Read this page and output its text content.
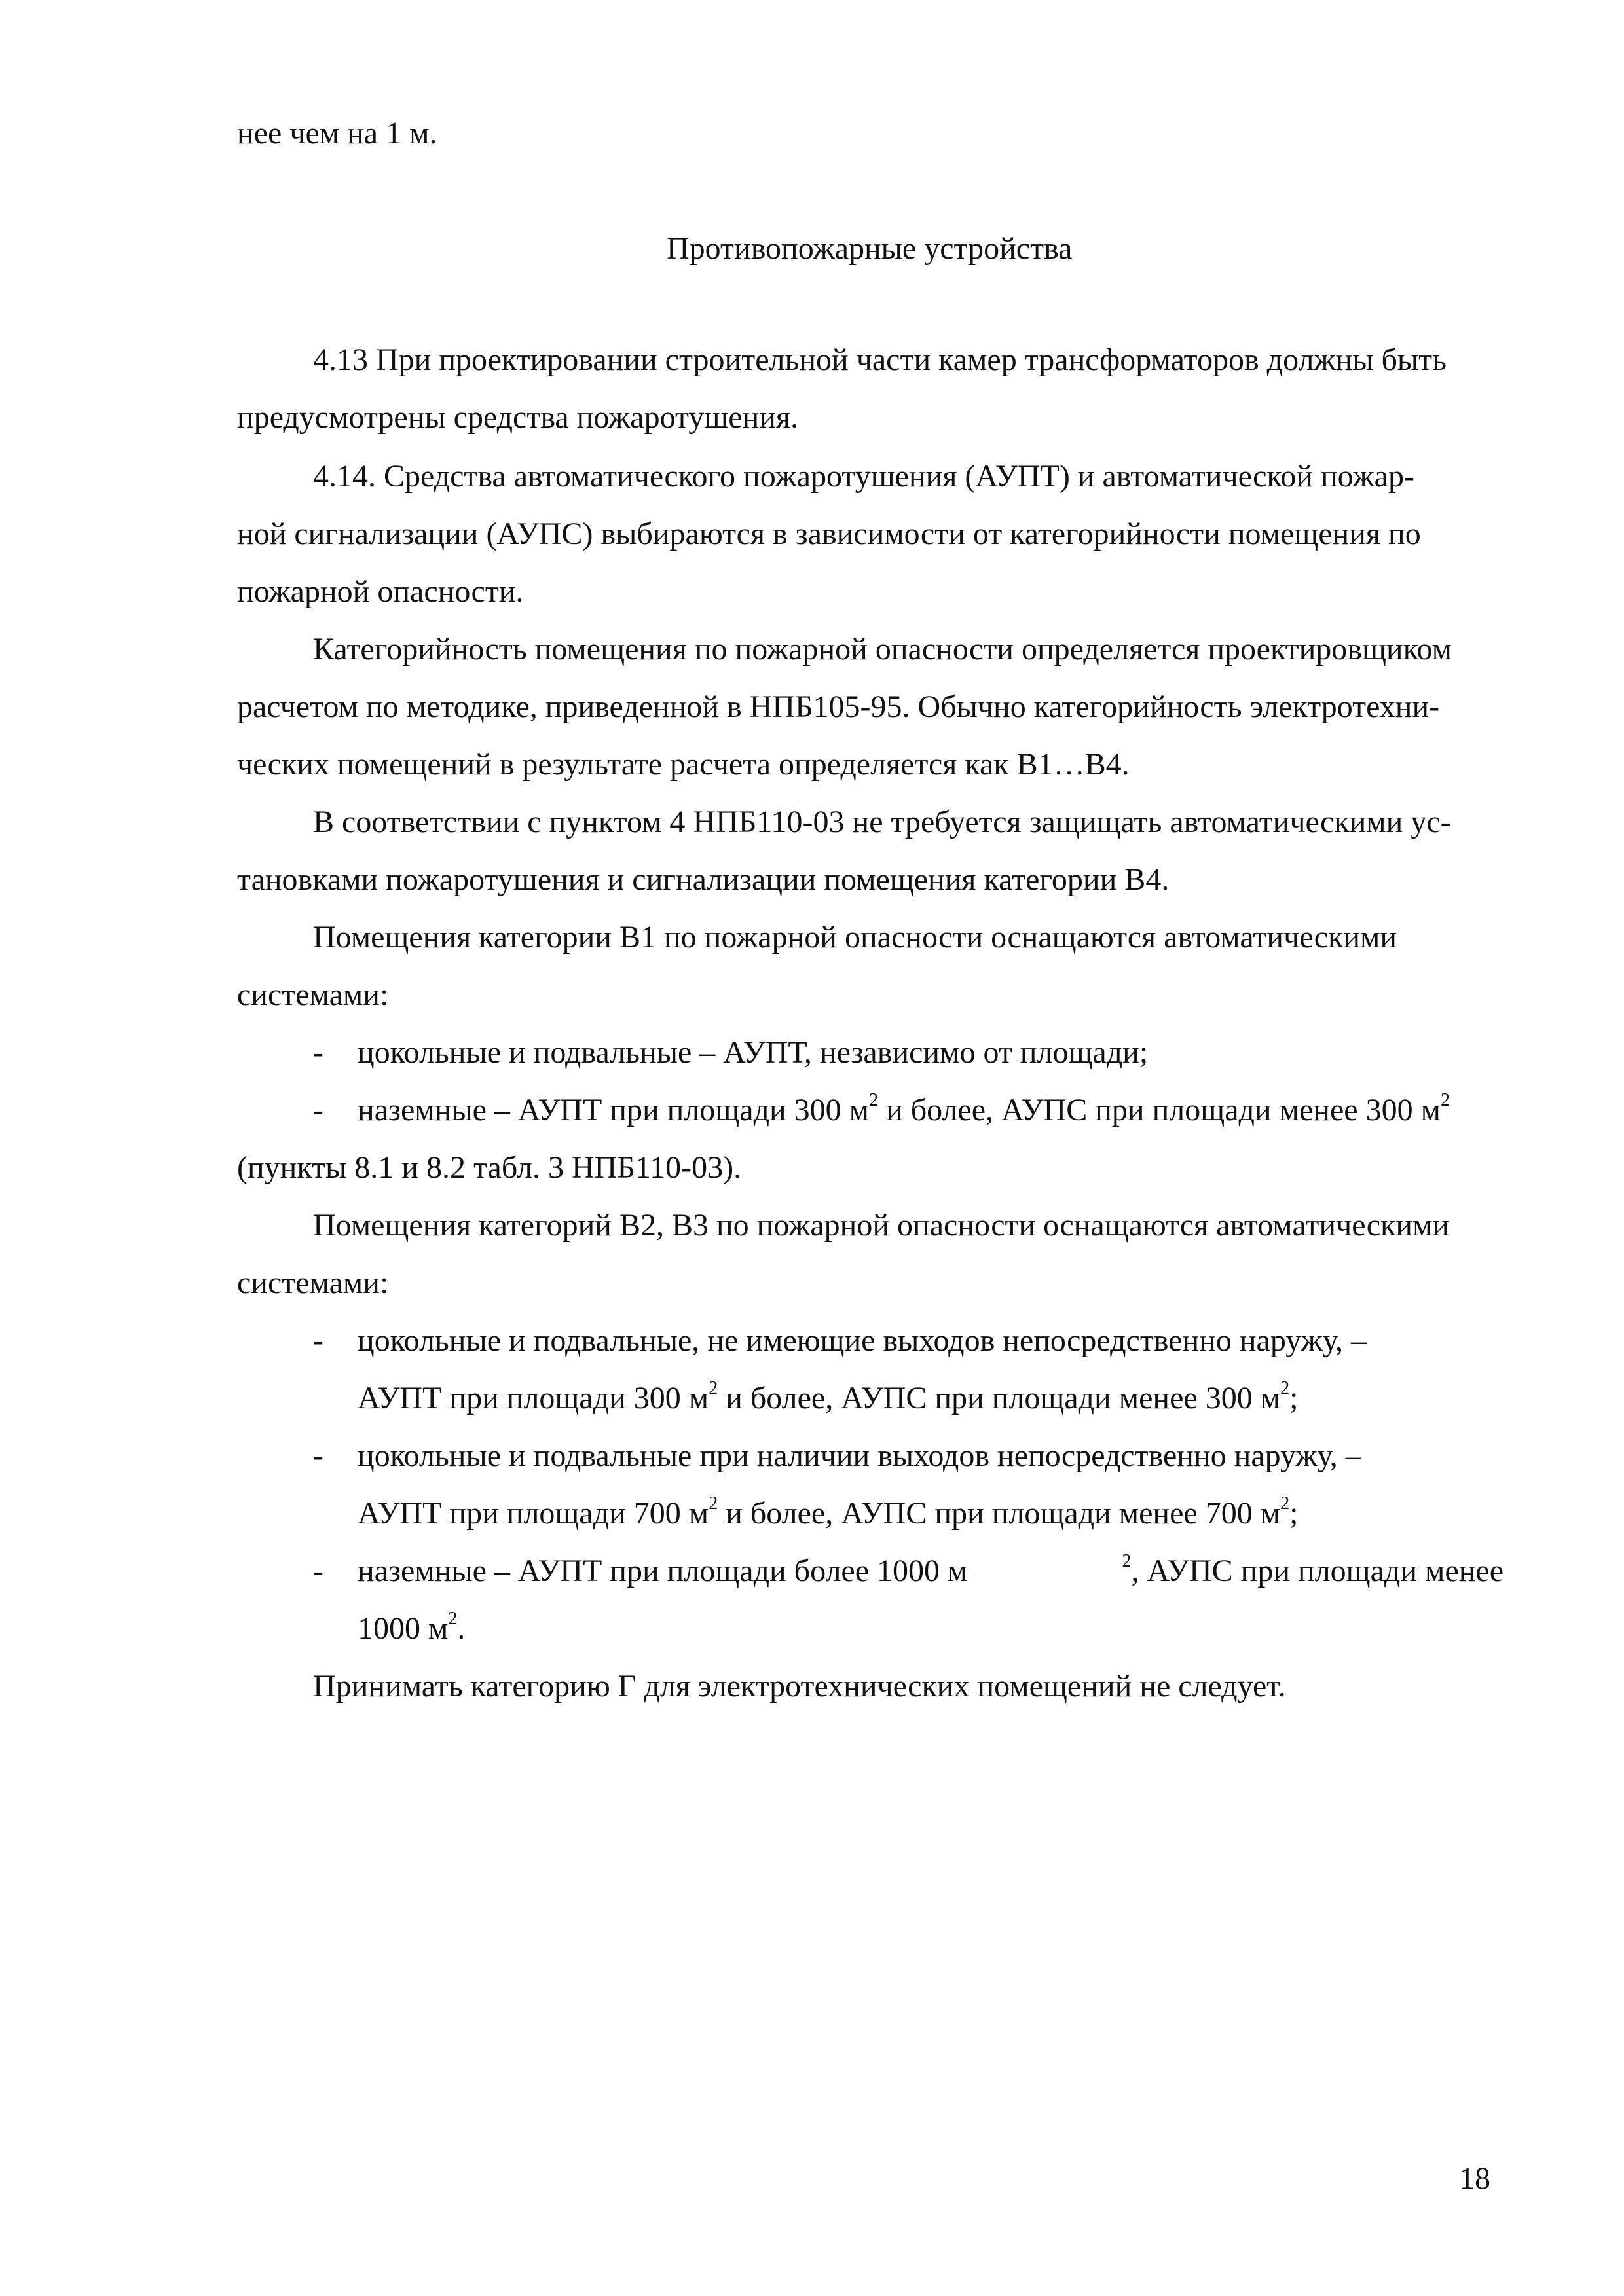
нее чем на 1 м.
Противопожарные устройства
4.13 При проектировании строительной части камер трансформаторов должны быть
предусмотрены средства пожаротушения.
4.14. Средства автоматического пожаротушения (АУПТ) и автоматической пожар-
ной сигнализации (АУПС) выбираются в зависимости от категорийности помещения по
пожарной опасности.
Категорийность помещения по пожарной опасности определяется проектировщиком
расчетом по методике, приведенной в НПБ105-95. Обычно категорийность электротехни-
ческих помещений в результате расчета определяется как В1…В4.
В соответствии с пунктом 4 НПБ110-03 не требуется защищать автоматическими ус-
тановками пожаротушения и сигнализации помещения категории В4.
Помещения категории В1 по пожарной опасности оснащаются автоматическими
системами:
- цокольные и подвальные – АУПТ, независимо от площади;
- наземные – АУПТ при площади 300 $м^2$ и более, АУПС при площади менее 300 $м^2$
(пункты 8.1 и 8.2 табл. 3 НПБ110-03).
Помещения категорий В2, В3 по пожарной опасности оснащаются автоматическими
системами:
- цокольные и подвальные, не имеющие выходов непосредственно наружу, –
АУПТ при площади 300 $м^2$ и более, АУПС при площади менее 300 $м^2$;
- цокольные и подвальные при наличии выходов непосредственно наружу, –
АУПТ при площади 700 $м^2$ и более, АУПС при площади менее 700 $м^2$;
- наземные – АУПТ при площади более 1000 м	$^2$, АУПС при площади менее
1000 $м^2$.
Принимать категорию Г для электротехнических помещений не следует.
18
